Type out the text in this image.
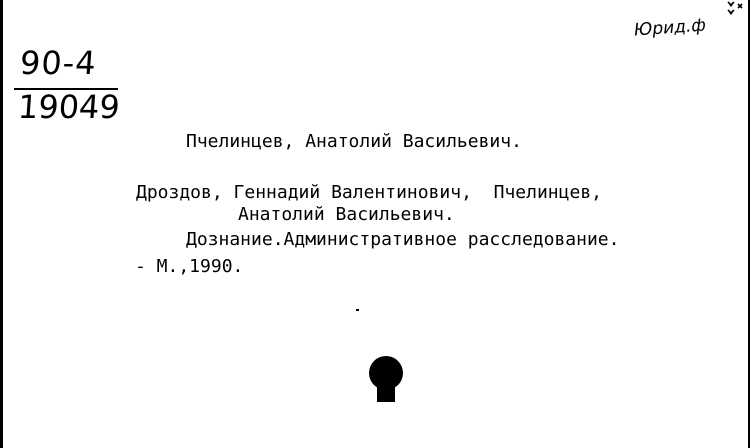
90-4
19049
Юрид.ф
Пчелинцев, Анатолий Васильевич.
Дроздов, Геннадий Валентинович,  Пчелинцев,
Анатолий Васильевич.
Дознание.Административное расследование.
- М.,1990.
